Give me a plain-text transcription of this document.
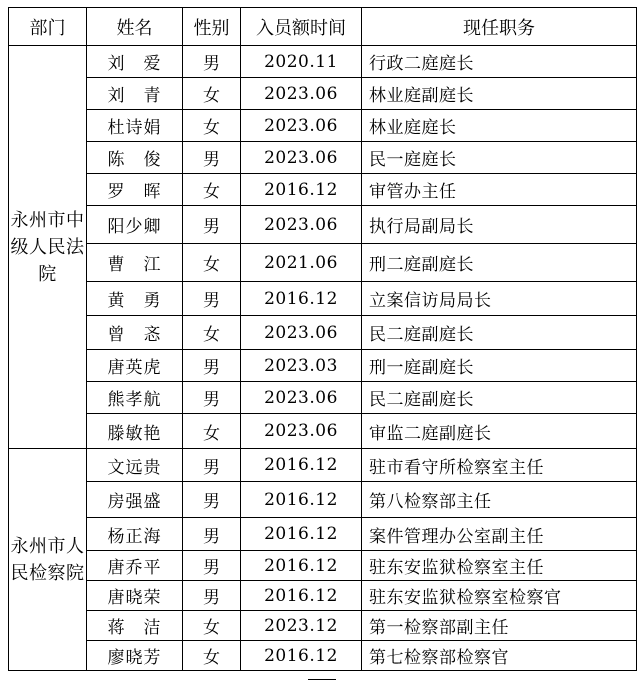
部门	姓名	性别	入员额时间	现任职务
永州市中级人民法院	刘　爱	男	2020.11	行政二庭庭长
	刘　青	女	2023.06	林业庭副庭长
	杜诗娟	女	2023.06	林业庭庭长
	陈　俊	男	2023.06	民一庭庭长
	罗　晖	女	2016.12	审管办主任
	阳少卿	男	2023.06	执行局副局长
	曹　江	女	2021.06	刑二庭副庭长
	黄　勇	男	2016.12	立案信访局局长
	曾　忞	女	2023.06	民二庭副庭长
	唐英虎	男	2023.03	刑一庭副庭长
	熊孝航	男	2023.06	民二庭副庭长
	滕敏艳	女	2023.06	审监二庭副庭长
永州市人民检察院	文远贵	男	2016.12	驻市看守所检察室主任
	房强盛	男	2016.12	第八检察部主任
	杨正海	男	2016.12	案件管理办公室副主任
	唐乔平	男	2016.12	驻东安监狱检察室主任
	唐晓荣	男	2016.12	驻东安监狱检察室检察官
	蒋　洁	女	2023.12	第一检察部副主任
	廖晓芳	女	2016.12	第七检察部检察官
